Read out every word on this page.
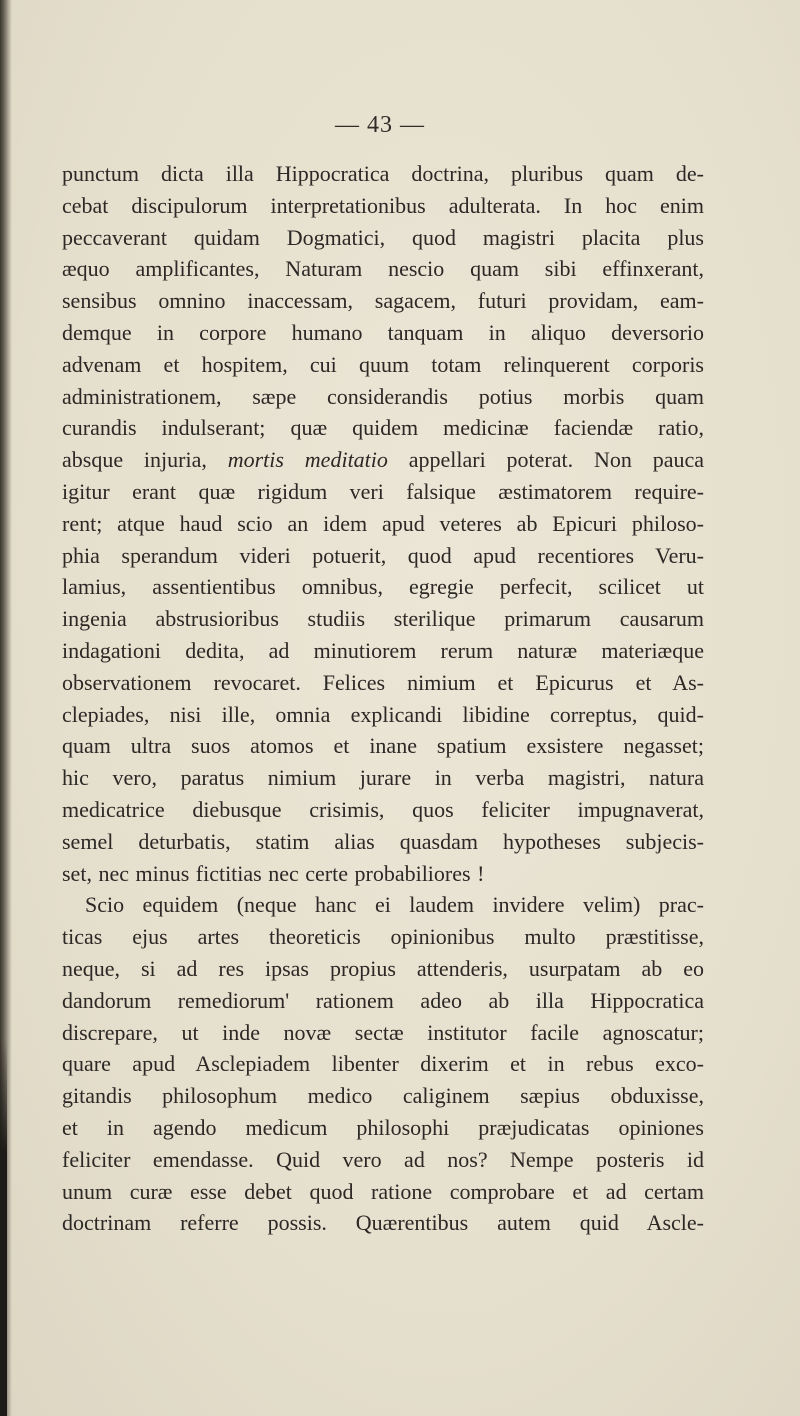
— 43 —
punctum dicta illa Hippocratica doctrina, pluribus quam de-
cebat discipulorum interpretationibus adulterata. In hoc enim
peccaverant quidam Dogmatici, quod magistri placita plus
æquo amplificantes, Naturam nescio quam sibi effinxerant,
sensibus omnino inaccessam, sagacem, futuri providam, eam-
demque in corpore humano tanquam in aliquo deversorio
advenam et hospitem, cui quum totam relinquerent corporis
administrationem, sæpe considerandis potius morbis quam
curandis indulserant; quæ quidem medicinæ faciendæ ratio,
absque injuria, mortis meditatio appellari poterat. Non pauca
igitur erant quæ rigidum veri falsique æstimatorem require-
rent; atque haud scio an idem apud veteres ab Epicuri philoso-
phia sperandum videri potuerit, quod apud recentiores Veru-
lamius, assentientibus omnibus, egregie perfecit, scilicet ut
ingenia abstrusioribus studiis sterilique primarum causarum
indagationi dedita, ad minutiorem rerum naturæ materiæque
observationem revocaret. Felices nimium et Epicurus et As-
clepiades, nisi ille, omnia explicandi libidine correptus, quid-
quam ultra suos atomos et inane spatium exsistere negasset;
hic vero, paratus nimium jurare in verba magistri, natura
medicatrice diebusque crisimis, quos feliciter impugnaverat,
semel deturbatis, statim alias quasdam hypotheses subjecis-
set, nec minus fictitias nec certe probabiliores !
Scio equidem (neque hanc ei laudem invidere velim) prac-
ticas ejus artes theoreticis opinionibus multo præstitisse,
neque, si ad res ipsas propius attenderis, usurpatam ab eo
dandorum remediorum' rationem adeo ab illa Hippocratica
discrepare, ut inde novæ sectæ institutor facile agnoscatur;
quare apud Asclepiadem libenter dixerim et in rebus exco-
gitandis philosophum medico caliginem sæpius obduxisse,
et in agendo medicum philosophi præjudicatas opiniones
feliciter emendasse. Quid vero ad nos? Nempe posteris id
unum curæ esse debet quod ratione comprobare et ad certam
doctrinam referre possis. Quærentibus autem quid Ascle-
